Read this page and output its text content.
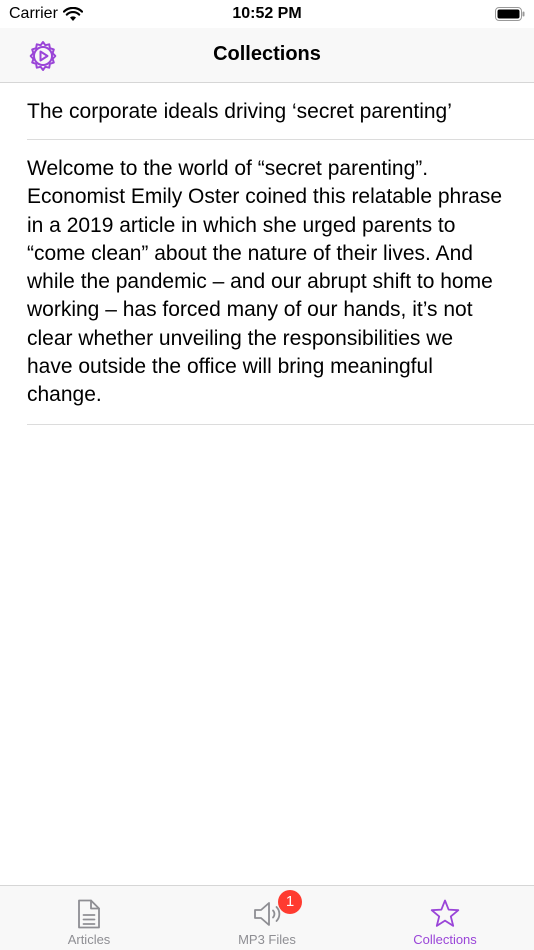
Carrier	10:52 PM
Collections
The corporate ideals driving ‘secret parenting’
Welcome to the world of “secret parenting”. Economist Emily Oster coined this relatable phrase in a 2019 article in which she urged parents to “come clean” about the nature of their lives. And while the pandemic – and our abrupt shift to home working – has forced many of our hands, it’s not clear whether unveiling the responsibilities we have outside the office will bring meaningful change.
Articles
1
MP3 Files	Collections
